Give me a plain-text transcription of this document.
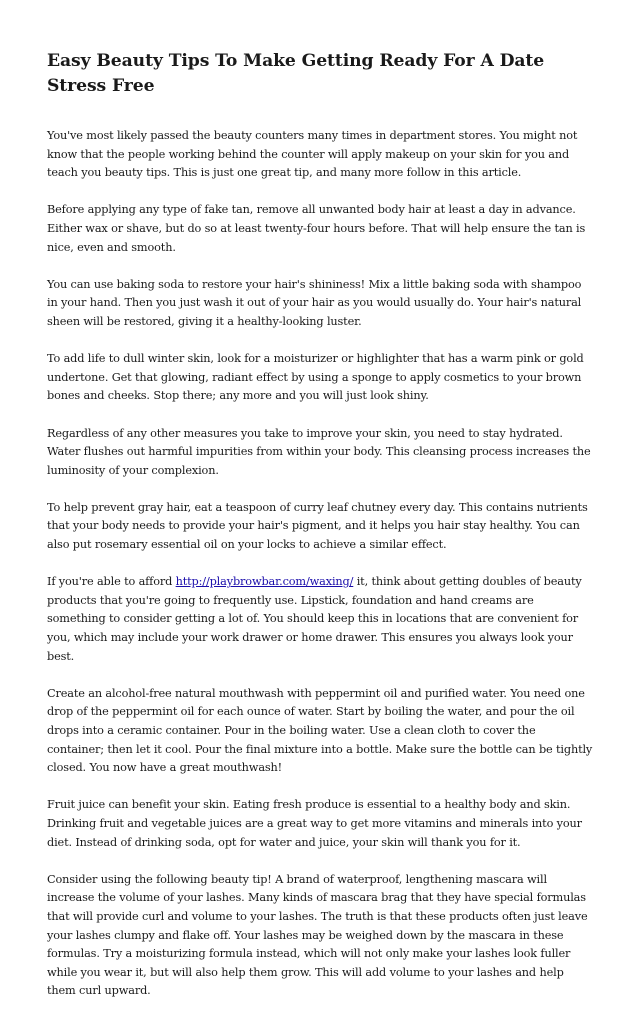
Easy Beauty Tips To Make Getting Ready For A Date Stress Free

You've most likely passed the beauty counters many times in department stores. You might not know that the people working behind the counter will apply makeup on your skin for you and teach you beauty tips. This is just one great tip, and many more follow in this article.

Before applying any type of fake tan, remove all unwanted body hair at least a day in advance. Either wax or shave, but do so at least twenty-four hours before. That will help ensure the tan is nice, even and smooth.

You can use baking soda to restore your hair's shininess! Mix a little baking soda with shampoo in your hand. Then you just wash it out of your hair as you would usually do. Your hair's natural sheen will be restored, giving it a healthy-looking luster.

To add life to dull winter skin, look for a moisturizer or highlighter that has a warm pink or gold undertone. Get that glowing, radiant effect by using a sponge to apply cosmetics to your brown bones and cheeks. Stop there; any more and you will just look shiny.

Regardless of any other measures you take to improve your skin, you need to stay hydrated. Water flushes out harmful impurities from within your body. This cleansing process increases the luminosity of your complexion.

To help prevent gray hair, eat a teaspoon of curry leaf chutney every day. This contains nutrients that your body needs to provide your hair's pigment, and it helps you hair stay healthy. You can also put rosemary essential oil on your locks to achieve a similar effect.

If you're able to afford http://playbrowbar.com/waxing/ it, think about getting doubles of beauty products that you're going to frequently use. Lipstick, foundation and hand creams are something to consider getting a lot of. You should keep this in locations that are convenient for you, which may include your work drawer or home drawer. This ensures you always look your best.

Create an alcohol-free natural mouthwash with peppermint oil and purified water. You need one drop of the peppermint oil for each ounce of water. Start by boiling the water, and pour the oil drops into a ceramic container. Pour in the boiling water. Use a clean cloth to cover the container; then let it cool. Pour the final mixture into a bottle. Make sure the bottle can be tightly closed. You now have a great mouthwash!

Fruit juice can benefit your skin. Eating fresh produce is essential to a healthy body and skin. Drinking fruit and vegetable juices are a great way to get more vitamins and minerals into your diet. Instead of drinking soda, opt for water and juice, your skin will thank you for it.

Consider using the following beauty tip! A brand of waterproof, lengthening mascara will increase the volume of your lashes. Many kinds of mascara brag that they have special formulas that will provide curl and volume to your lashes. The truth is that these products often just leave your lashes clumpy and flake off. Your lashes may be weighed down by the mascara in these formulas. Try a moisturizing formula instead, which will not only make your lashes look fuller while you wear it, but will also help them grow. This will add volume to your lashes and help them curl upward.
